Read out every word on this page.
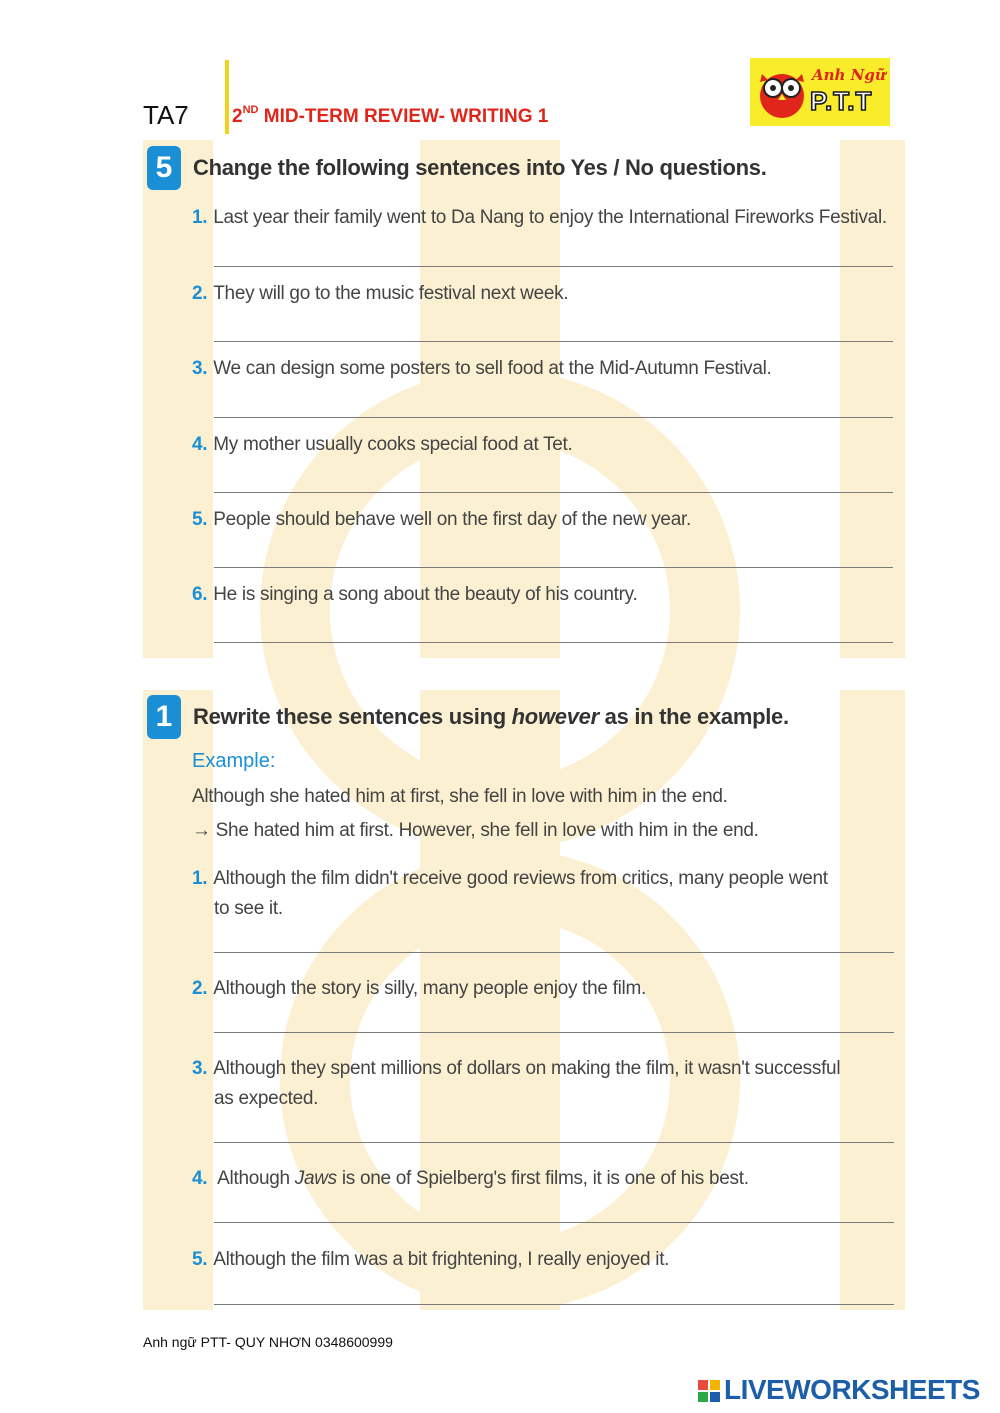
TA7 2ND MID-TERM REVIEW- WRITING 1
Anh Ngữ
P.T.T
5 Change the following sentences into Yes / No questions.
1. Last year their family went to Da Nang to enjoy the International Fireworks Festival.
2. They will go to the music festival next week.
3. We can design some posters to sell food at the Mid-Autumn Festival.
4. My mother usually cooks special food at Tet.
5. People should behave well on the first day of the new year.
6. He is singing a song about the beauty of his country.
1 Rewrite these sentences using however as in the example.
Example:
Although she hated him at first, she fell in love with him in the end.
→ She hated him at first. However, she fell in love with him in the end.
1. Although the film didn't receive good reviews from critics, many people went
to see it.
2. Although the story is silly, many people enjoy the film.
3. Although they spent millions of dollars on making the film, it wasn't successful
as expected.
4. Although Jaws is one of Spielberg's first films, it is one of his best.
5. Although the film was a bit frightening, I really enjoyed it.
Anh ngữ PTT- QUY NHƠN 0348600999
LIVEWORKSHEETS
